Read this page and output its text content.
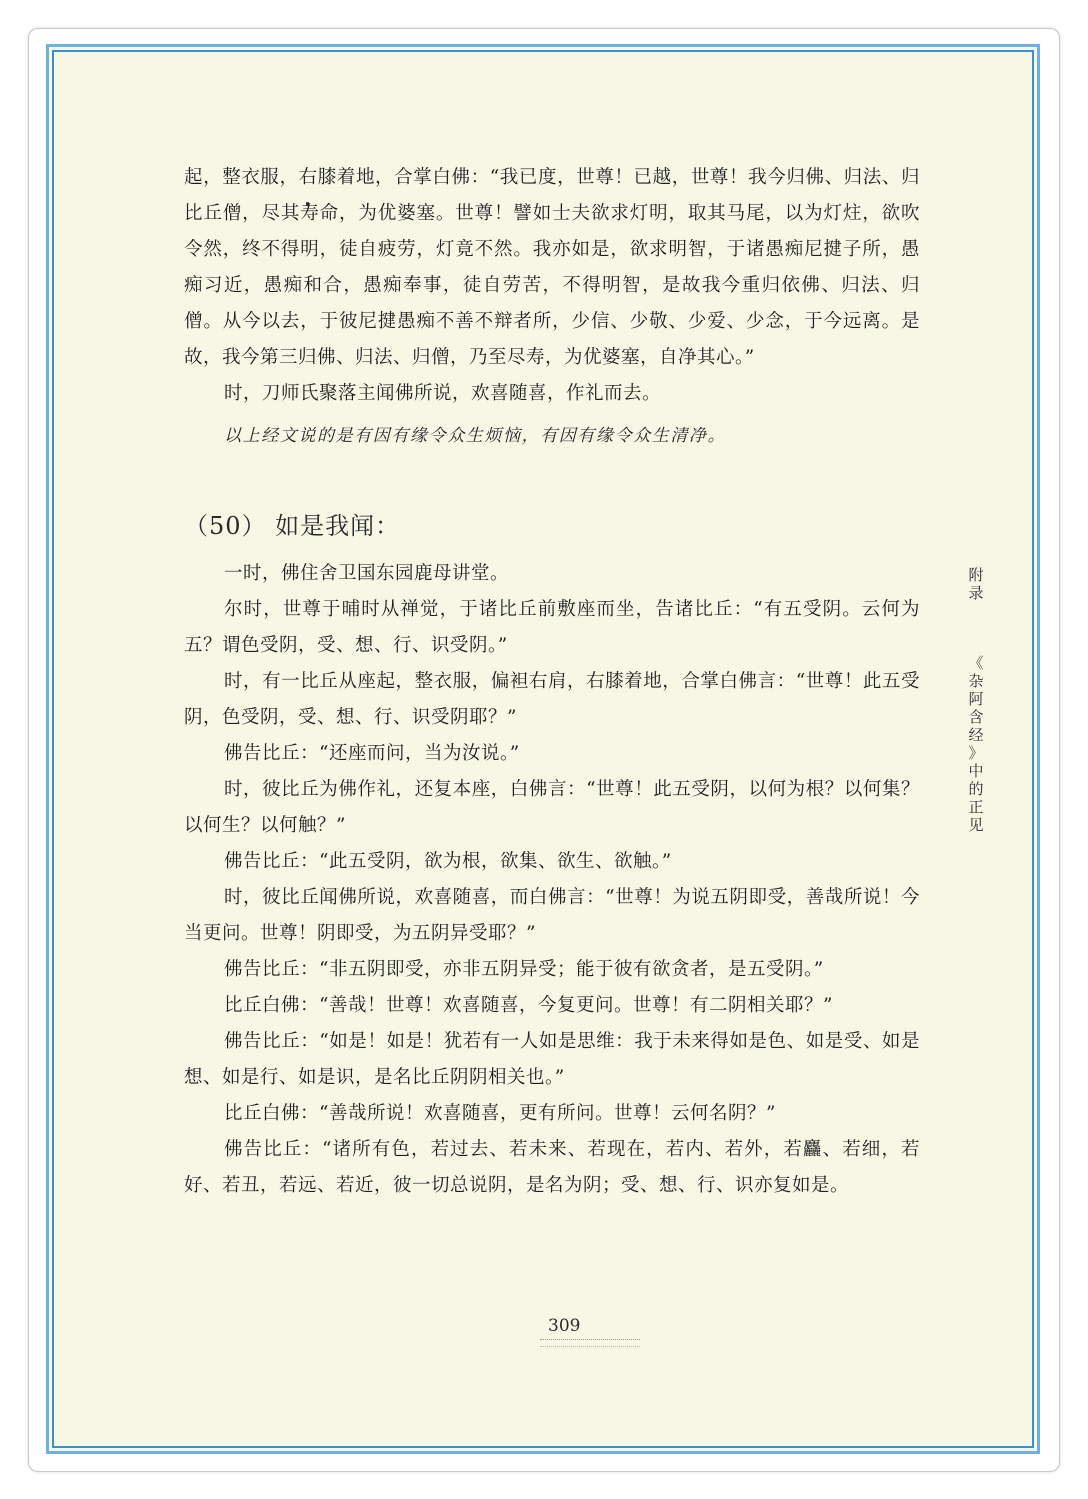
起，整衣服，右膝着地，合掌白佛：“我已度，世尊！已越，世尊！我今归佛、归法、归比丘僧，尽其寿命，为优婆塞。世尊！譬如士夫欲求灯明，取其马尾，以为灯炷，欲吹令然，终不得明，徒自疲劳，灯竟不然。我亦如是，欲求明智，于诸愚痴尼揵子所，愚痴习近，愚痴和合，愚痴奉事，徒自劳苦，不得明智，是故我今重归依佛、归法、归僧。从今以去，于彼尼揵愚痴不善不辩者所，少信、少敬、少爱、少念，于今远离。是故，我今第三归佛、归法、归僧，乃至尽寿，为优婆塞，自净其心。”

时，刀师氏聚落主闻佛所说，欢喜随喜，作礼而去。

以上经文说的是有因有缘令众生烦恼，有因有缘令众生清净。

（50） 如是我闻：

一时，佛住舍卫国东园鹿母讲堂。

尔时，世尊于晡时从禅觉，于诸比丘前敷座而坐，告诸比丘：“有五受阴。云何为五？谓色受阴，受、想、行、识受阴。”

时，有一比丘从座起，整衣服，偏袒右肩，右膝着地，合掌白佛言：“世尊！此五受阴，色受阴，受、想、行、识受阴耶？”

佛告比丘：“还座而问，当为汝说。”

时，彼比丘为佛作礼，还复本座，白佛言：“世尊！此五受阴，以何为根？以何集？以何生？以何触？”

佛告比丘：“此五受阴，欲为根，欲集、欲生、欲触。”

时，彼比丘闻佛所说，欢喜随喜，而白佛言：“世尊！为说五阴即受，善哉所说！今当更问。世尊！阴即受，为五阴异受耶？”

佛告比丘：“非五阴即受，亦非五阴异受；能于彼有欲贪者，是五受阴。”

比丘白佛：“善哉！世尊！欢喜随喜，今复更问。世尊！有二阴相关耶？”

佛告比丘：“如是！如是！犹若有一人如是思维：我于未来得如是色、如是受、如是想、如是行、如是识，是名比丘阴阴相关也。”

比丘白佛：“善哉所说！欢喜随喜，更有所问。世尊！云何名阴？”

佛告比丘：“诸所有色，若过去、若未来、若现在，若内、若外，若麤、若细，若好、若丑，若远、若近，彼一切总说阴，是名为阴；受、想、行、识亦复如是。

附
录
《
杂
阿
含
经
》
中
的
正
见
309
